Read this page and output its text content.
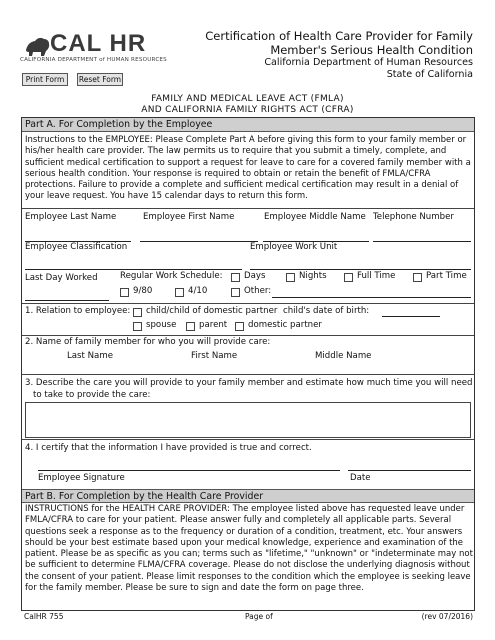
CAL HR
CALIFORNIA DEPARTMENT of HUMAN RESOURCES
Certification of Health Care Provider for Family
Member's Serious Health Condition
California Department of Human Resources
State of California
Print Form	Reset Form
FAMILY AND MEDICAL LEAVE ACT (FMLA)
AND CALIFORNIA FAMILY RIGHTS ACT (CFRA)
Part A. For Completion by the Employee
Instructions to the EMPLOYEE: Please Complete Part A before giving this form to your family member or his/her health care provider. The law permits us to require that you submit a timely, complete, and sufficient medical certification to support a request for leave to care for a covered family member with a serious health condition. Your response is required to obtain or retain the benefit of FMLA/CFRA protections. Failure to provide a complete and sufficient medical certification may result in a denial of your leave request. You have 15 calendar days to return this form.
Employee Last Name	Employee First Name	Employee Middle Name Telephone Number
Employee Classification	Employee Work Unit
Last Day Worked	Regular Work Schedule: Days	Nights	Full Time	Part Time
9/80	4/10	Other:
1. Relation to employee: child/child of domestic partner child's date of birth:
spouse	parent domestic partner
2. Name of family member for who you will provide care:
Last Name	First Name	Middle Name
3. Describe the care you will provide to your family member and estimate how much time you will need
to take to provide the care:
4. I certify that the information I have provided is true and correct.
Employee Signature	Date
Part B. For Completion by the Health Care Provider
INSTRUCTIONS for the HEALTH CARE PROVIDER: The employee listed above has requested leave under FMLA/CFRA to care for your patient. Please answer fully and completely all applicable parts. Several questions seek a response as to the frequency or duration of a condition, treatment, etc. Your answers should be your best estimate based upon your medical knowledge, experience and examination of the patient. Please be as specific as you can; terms such as "lifetime," "unknown" or "indeterminate may not be sufficient to determine FLMA/CFRA coverage. Please do not disclose the underlying diagnosis without the consent of your patient. Please limit responses to the condition which the employee is seeking leave for the family member. Please be sure to sign and date the form on page three.
CalHR 755	Page of	(rev 07/2016)
